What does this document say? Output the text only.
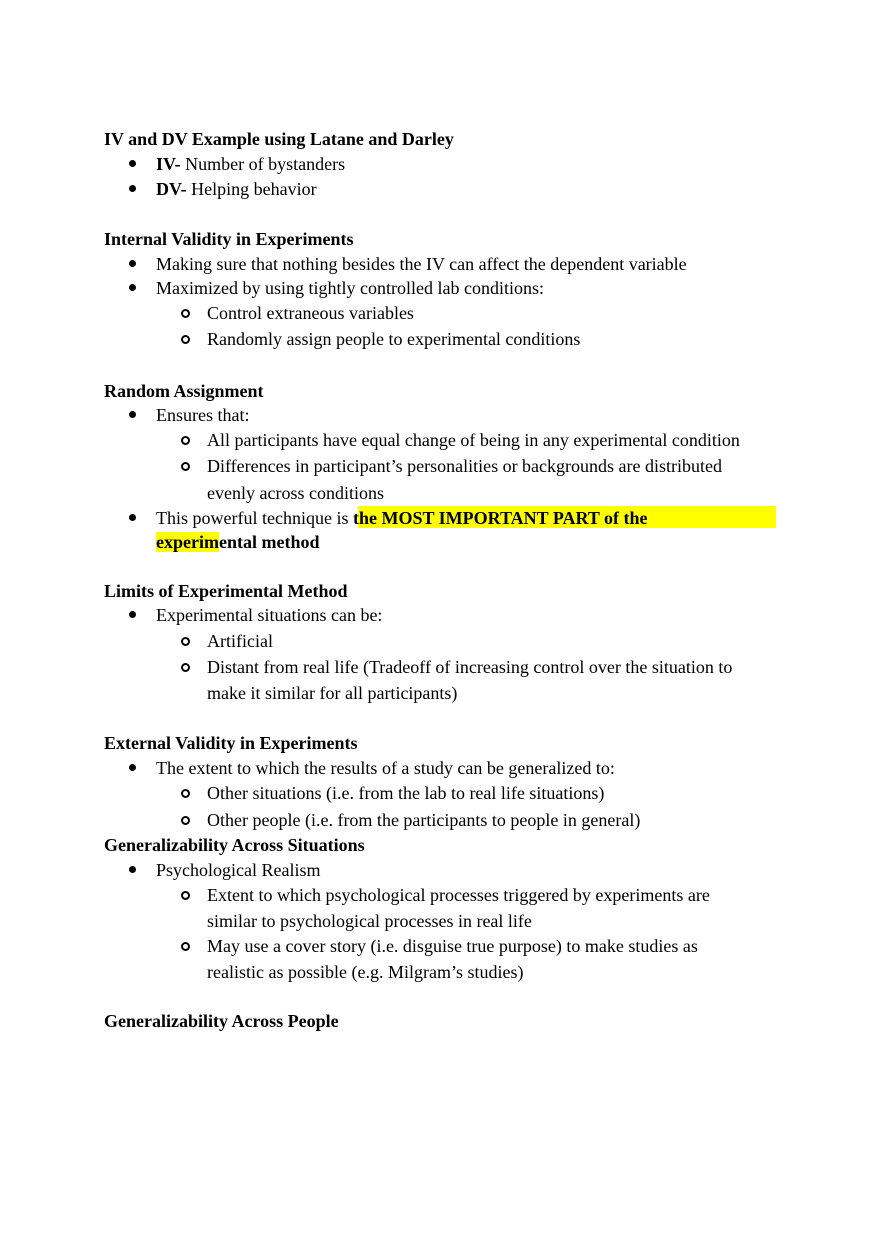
IV and DV Example using Latane and Darley
IV- Number of bystanders
DV- Helping behavior
Internal Validity in Experiments
Making sure that nothing besides the IV can affect the dependent variable
Maximized by using tightly controlled lab conditions:
Control extraneous variables
Randomly assign people to experimental conditions
Random Assignment
Ensures that:
All participants have equal change of being in any experimental condition
Differences in participant’s personalities or backgrounds are distributed
evenly across conditions
This powerful technique is the MOST IMPORTANT PART of the
experimental method
Limits of Experimental Method
Experimental situations can be:
Artificial
Distant from real life (Tradeoff of increasing control over the situation to
make it similar for all participants)
External Validity in Experiments
The extent to which the results of a study can be generalized to:
Other situations (i.e. from the lab to real life situations)
Other people (i.e. from the participants to people in general)
Generalizability Across Situations
Psychological Realism
Extent to which psychological processes triggered by experiments are
similar to psychological processes in real life
May use a cover story (i.e. disguise true purpose) to make studies as
realistic as possible (e.g. Milgram’s studies)
Generalizability Across People
